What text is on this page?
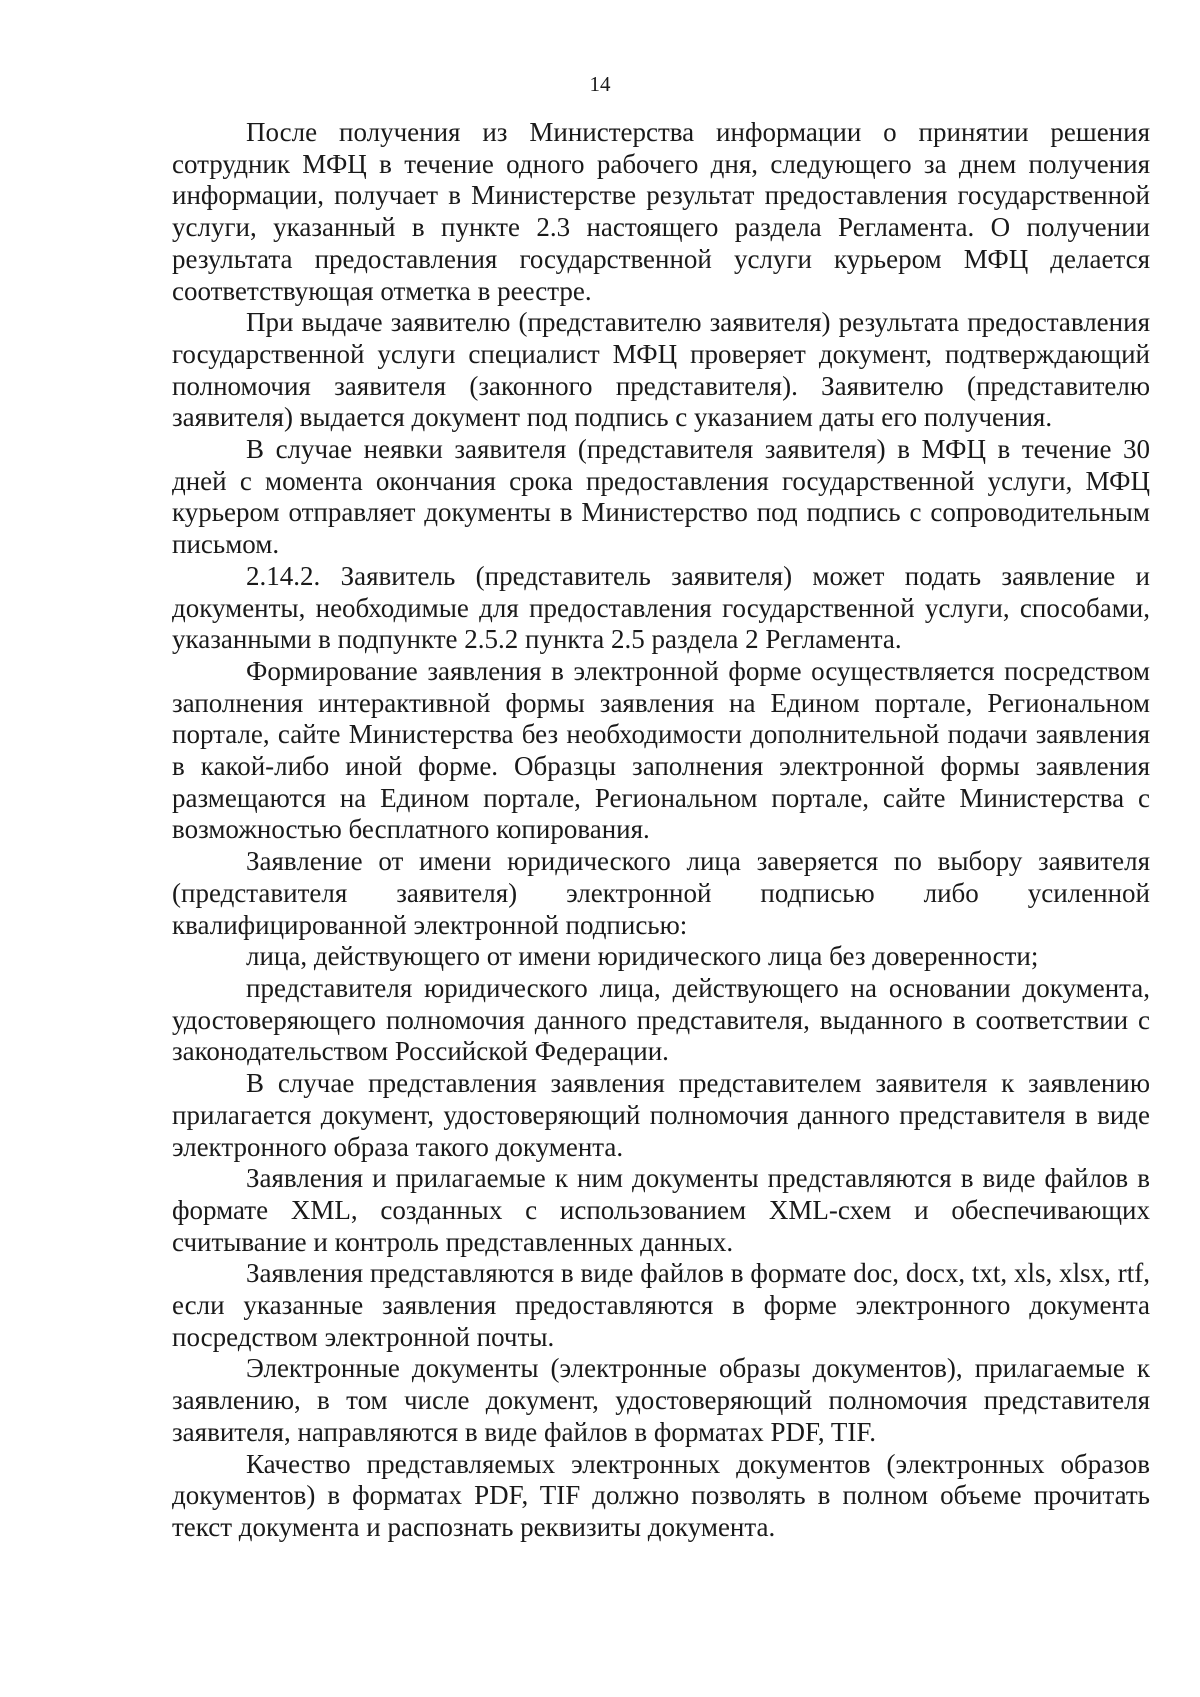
14

После получения из Министерства информации о принятии решения сотрудник МФЦ в течение одного рабочего дня, следующего за днем получения информации, получает в Министерстве результат предоставления государственной услуги, указанный в пункте 2.3 настоящего раздела Регламента. О получении результата предоставления государственной услуги курьером МФЦ делается соответствующая отметка в реестре.

При выдаче заявителю (представителю заявителя) результата предоставления государственной услуги специалист МФЦ проверяет документ, подтверждающий полномочия заявителя (законного представителя). Заявителю (представителю заявителя) выдается документ под подпись с указанием даты его получения.

В случае неявки заявителя (представителя заявителя) в МФЦ в течение 30 дней с момента окончания срока предоставления государственной услуги, МФЦ курьером отправляет документы в Министерство под подпись с сопроводительным письмом.

2.14.2. Заявитель (представитель заявителя) может подать заявление и документы, необходимые для предоставления государственной услуги, способами, указанными в подпункте 2.5.2 пункта 2.5 раздела 2 Регламента.

Формирование заявления в электронной форме осуществляется посредством заполнения интерактивной формы заявления на Едином портале, Региональном портале, сайте Министерства без необходимости дополнительной подачи заявления в какой-либо иной форме. Образцы заполнения электронной формы заявления размещаются на Едином портале, Региональном портале, сайте Министерства с возможностью бесплатного копирования.

Заявление от имени юридического лица заверяется по выбору заявителя (представителя заявителя) электронной подписью либо усиленной квалифицированной электронной подписью:

лица, действующего от имени юридического лица без доверенности;

представителя юридического лица, действующего на основании документа, удостоверяющего полномочия данного представителя, выданного в соответствии с законодательством Российской Федерации.

В случае представления заявления представителем заявителя к заявлению прилагается документ, удостоверяющий полномочия данного представителя в виде электронного образа такого документа.

Заявления и прилагаемые к ним документы представляются в виде файлов в формате XML, созданных с использованием XML-схем и обеспечивающих считывание и контроль представленных данных.

Заявления представляются в виде файлов в формате doc, docx, txt, xls, xlsx, rtf, если указанные заявления предоставляются в форме электронного документа посредством электронной почты.

Электронные документы (электронные образы документов), прилагаемые к заявлению, в том числе документ, удостоверяющий полномочия представителя заявителя, направляются в виде файлов в форматах PDF, TIF.

Качество представляемых электронных документов (электронных образов документов) в форматах PDF, TIF должно позволять в полном объеме прочитать текст документа и распознать реквизиты документа.
